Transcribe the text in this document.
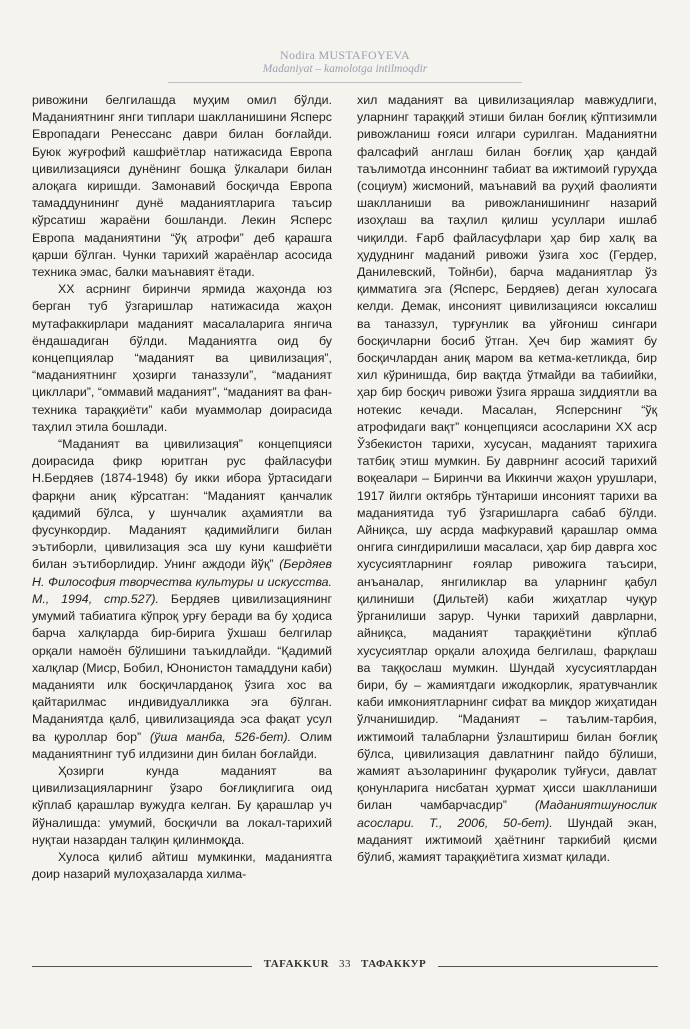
Nodira MUSTAFOYEVA
Madaniyat – kamolotga intilmoqdir

ривожини белгилашда муҳим омил бўлди. Маданиятнинг янги типлари шаклланишини Ясперс Европадаги Ренессанс даври билан боғлайди. Буюк жуғрофий кашфиётлар натижасида Европа цивилизацияси дунёнинг бошқа ўлкалари билан алоқага киришди. Замонавий босқичда Европа тамаддунининг дунё маданиятларига таъсир кўрсатиш жараёни бошланди. Лекин Ясперс Европа маданиятини “ўқ атрофи” деб қарашга қарши бўлган. Чунки тарихий жараёнлар асосида техника эмас, балки маънавият ётади.

ХХ асрнинг биринчи ярмида жаҳонда юз берган туб ўзгаришлар натижасида жаҳон мутафаккирлари маданият масалаларига янгича ёндашадиган бўлди. Маданиятга оид бу концепциялар “маданият ва цивилизация”, “маданиятнинг ҳозирги таназзули”, “маданият цикллари”, “оммавий маданият”, “маданият ва фан-техника тараққиёти” каби муаммолар доирасида таҳлил этила бошлади.

“Маданият ва цивилизация” концепцияси доирасида фикр юритган рус файласуфи Н.Бердяев (1874-1948) бу икки ибора ўртасидаги фарқни аниқ кўрсатган: “Маданият қанчалик қадимий бўлса, у шунчалик аҳамиятли ва фусункордир. Маданият қадимийлиги билан эътиборли, цивилизация эса шу куни кашфиёти билан эътиборлидир. Унинг аждоди йўқ” (Бердяев Н. Философия творчества культуры и искусства. М., 1994, стр.527). Бердяев цивилизациянинг умумий табиатига кўпроқ урғу беради ва бу ҳодиса барча халқларда бир-бирига ўхшаш белгилар орқали намоён бўлишини таъкидлайди. “Қадимий халқлар (Миср, Бобил, Юнонистон тамаддуни каби) маданияти илк босқичларданоқ ўзига хос ва қайтарилмас индивидуалликка эга бўлган. Маданиятда қалб, цивилизацияда эса фақат усул ва қуроллар бор” (ўша манба, 526-бет). Олим маданиятнинг туб илдизини дин билан боғлайди.

Ҳозирги кунда маданият ва цивилизацияларнинг ўзаро боғлиқлигига оид кўплаб қарашлар вужудга келган. Бу қарашлар уч йўналишда: умумий, босқичли ва локал-тарихий нуқтаи назардан талқин қилинмоқда.

Хулоса қилиб айтиш мумкинки, маданиятга доир назарий мулоҳазаларда хилма-

хил маданият ва цивилизациялар мавжудлиги, уларнинг тараққий этиши билан боғлиқ кўптизимли ривожланиш ғояси илгари сурилган. Маданиятни фалсафий англаш билан боғлиқ ҳар қандай таълимотда инсоннинг табиат ва ижтимоий гуруҳда (социум) жисмоний, маънавий ва руҳий фаолияти шаклланиши ва ривожланишининг назарий изоҳлаш ва таҳлил қилиш усуллари ишлаб чиқилди. Ғарб файласуфлари ҳар бир халқ ва ҳудуднинг маданий ривожи ўзига хос (Гердер, Данилевский, Тойнби), барча маданиятлар ўз қимматига эга (Ясперс, Бердяев) деган хулосага келди. Демак, инсоният цивилизацияси юксалиш ва таназзул, турғунлик ва уйғониш сингари босқичларни босиб ўтган. Ҳеч бир жамият бу босқичлардан аниқ маром ва кетма-кетликда, бир хил кўринишда, бир вақтда ўтмайди ва табиийки, ҳар бир босқич ривожи ўзига ярраша зиддиятли ва нотекис кечади. Масалан, Ясперснинг “ўқ атрофидаги вақт” концепцияси асосларини ХХ аср Ўзбекистон тарихи, хусусан, маданият тарихига татбиқ этиш мумкин. Бу даврнинг асосий тарихий воқеалари – Биринчи ва Иккинчи жаҳон урушлари, 1917 йилги октябрь тўнтариши инсоният тарихи ва маданиятида туб ўзгаришларга сабаб бўлди. Айниқса, шу асрда мафкуравий қарашлар омма онгига сингдирилиши масаласи, ҳар бир даврга хос хусусиятларнинг ғоялар ривожига таъсири, анъаналар, янгиликлар ва уларнинг қабул қилиниши (Дильтей) каби жиҳатлар чуқур ўрганилиши зарур. Чунки тарихий даврларни, айниқса, маданият тараққиётини кўплаб хусусиятлар орқали алоҳида белгилаш, фарқлаш ва таққослаш мумкин. Шундай хусусиятлардан бири, бу – жамиятдаги ижодкорлик, яратувчанлик каби имкониятларнинг сифат ва миқдор жиҳатидан ўлчанишидир. “Маданият – таълим-тарбия, ижтимоий талабларни ўзлаштириш билан боғлиқ бўлса, цивилизация давлатнинг пайдо бўлиши, жамият аъзоларининг фуқаролик туйғуси, давлат қонунларига нисбатан ҳурмат ҳисси шаклланиши билан чамбарчасдир” (Маданиятшунослик асослари. Т., 2006, 50-бет). Шундай экан, маданият ижтимоий ҳаётнинг таркибий қисми бўлиб, жамият тараққиётига хизмат қилади.

TAFAKKUR 33 ТАФАККУР
